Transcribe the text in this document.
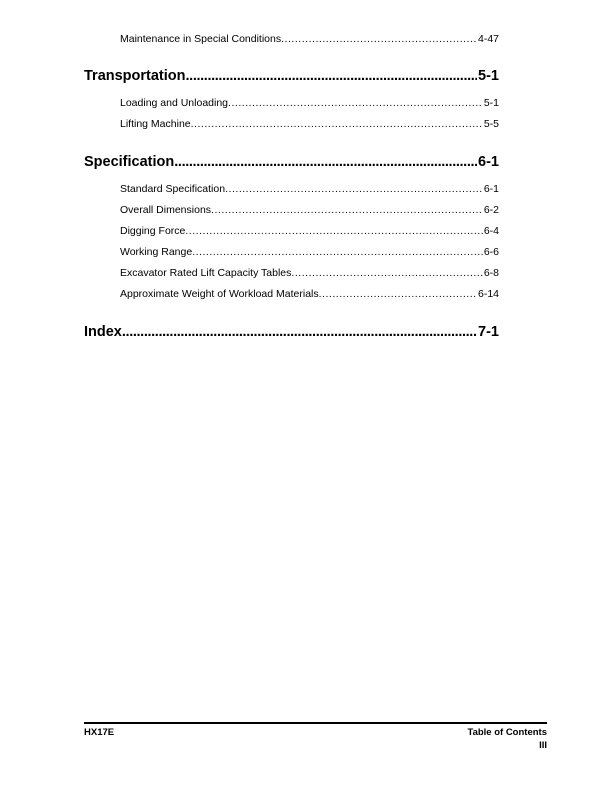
Maintenance in Special Conditions . . .	4-47
Transportation . . .	5-1
Loading and Unloading . . .	5-1
Lifting Machine . . .	5-5
Specification . . .	6-1
Standard Specification . . .	6-1
Overall Dimensions . . .	6-2
Digging Force . . .	6-4
Working Range . . .	6-6
Excavator Rated Lift Capacity Tables . . .	6-8
Approximate Weight of Workload Materials . . .	6-14
Index . . .	7-1
HX17E	Table of Contents
III
